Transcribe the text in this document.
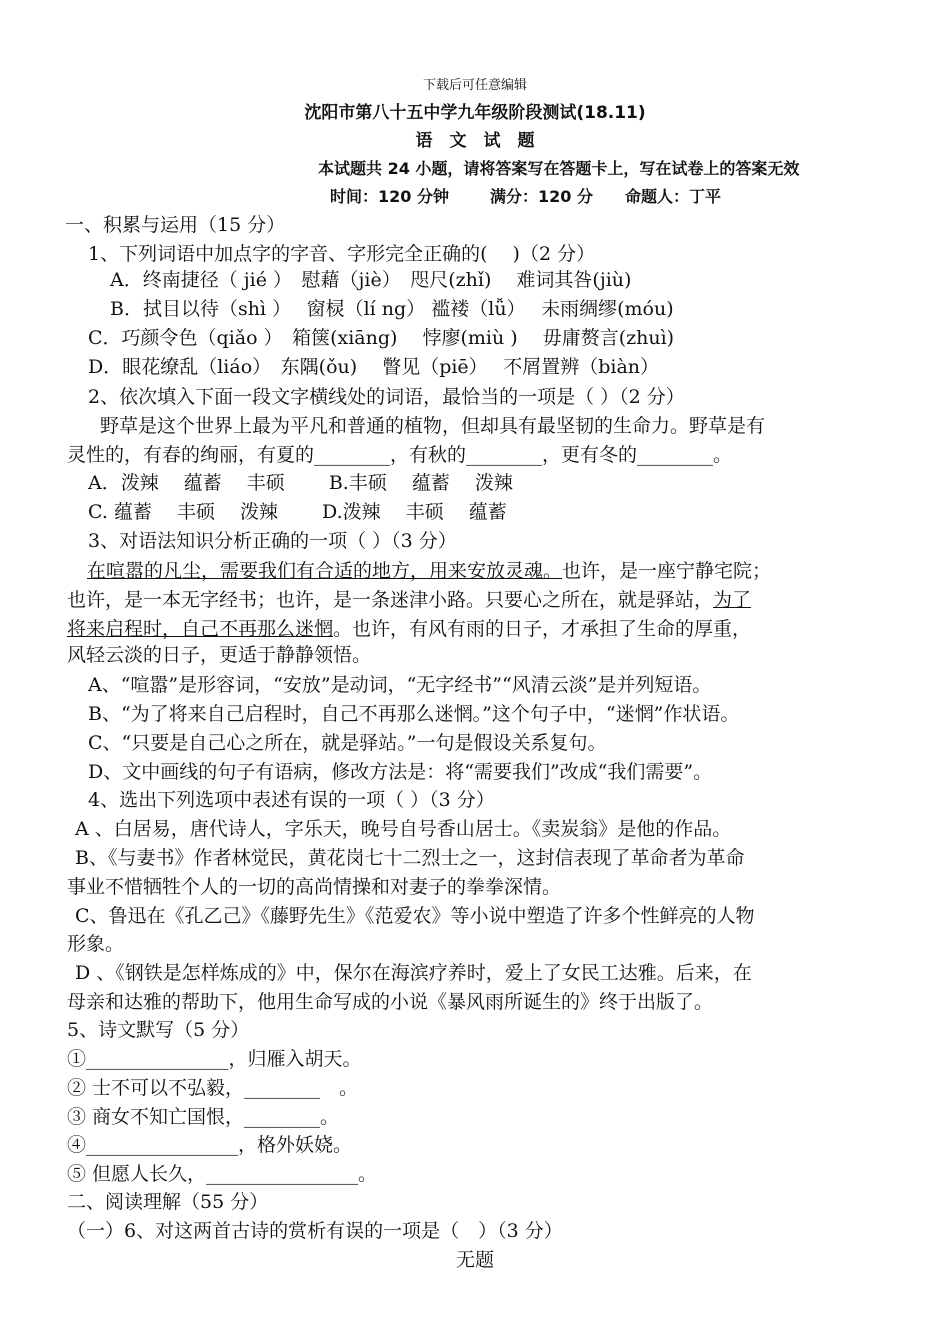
下载后可任意编辑
沈阳市第八十五中学九年级阶段测试(18.11)
语　文　试　题
本试题共 24 小题，请将答案写在答题卡上，写在试卷上的答案无效
时间：120 分钟	满分：120 分 命题人：丁平
一、积累与运用（15 分）
1、下列词语中加点字的字音、字形完全正确的(　 )（2 分）
A．终南捷径（ jié ）　慰藉（jiè）　咫尺(zhǐ)　 难词其咎(jiù)
B．拭目以待（shì ）　 窗棂（lí ng） 褴褛（lǚ）　 未雨绸缪(móu)
C．巧颜令色（qiǎo ）　箱箧(xiāng)　 悖廖(miù )　 毋庸赘言(zhuì)
D．眼花缭乱（liáo）　东隅(ǒu)　 瞥见（piē）　 不屑置辨（biàn）
2、依次填入下面一段文字横线处的词语，最恰当的一项是（ ）（2 分）
野草是这个世界上最为平凡和普通的植物，但却具有最坚韧的生命力。野草是有
灵性的，有春的绚丽，有夏的________，有秋的________，更有冬的________。
A．泼辣　 蕴蓄　 丰硕　　 B.丰硕　 蕴蓄　 泼辣
C. 蕴蓄　 丰硕　 泼辣　　 D.泼辣　 丰硕　 蕴蓄
3、对语法知识分析正确的一项（ ）（3 分）
在喧嚣的凡尘，需要我们有合适的地方，用来安放灵魂。也许，是一座宁静宅院；
也许，是一本无字经书；也许，是一条迷津小路。只要心之所在，就是驿站，为了
将来启程时，自己不再那么迷惘。也许，有风有雨的日子，才承担了生命的厚重，
风轻云淡的日子，更适于静静领悟。
A、“喧嚣”是形容词，“安放”是动词，“无字经书”“风清云淡”是并列短语。
B、“为了将来自己启程时，自己不再那么迷惘。”这个句子中，“迷惘”作状语。
C、“只要是自己心之所在，就是驿站。”一句是假设关系复句。
D、文中画线的句子有语病，修改方法是：将“需要我们”改成“我们需要”。
4、选出下列选项中表述有误的一项（ ）（3 分）
A 、白居易，唐代诗人，字乐天，晚号自号香山居士。《卖炭翁》是他的作品。
B、《与妻书》作者林觉民，黄花岗七十二烈士之一，这封信表现了革命者为革命
事业不惜牺牲个人的一切的高尚情操和对妻子的拳拳深情。
C、鲁迅在《孔乙己》《藤野先生》《范爱农》等小说中塑造了许多个性鲜亮的人物
形象。
D 、《钢铁是怎样炼成的》中，保尔在海滨疗养时，爱上了女民工达雅。后来，在
母亲和达雅的帮助下，他用生命写成的小说《暴风雨所诞生的》终于出版了。
5、诗文默写（5 分）
①_______________，归雁入胡天。
② 士不可以不弘毅，________　。
③ 商女不知亡国恨，________。
④________________，格外妖娆。
⑤ 但愿人长久，________________。
二、阅读理解（55 分）
（一）6、对这两首古诗的赏析有误的一项是（　）（3 分）
无题
